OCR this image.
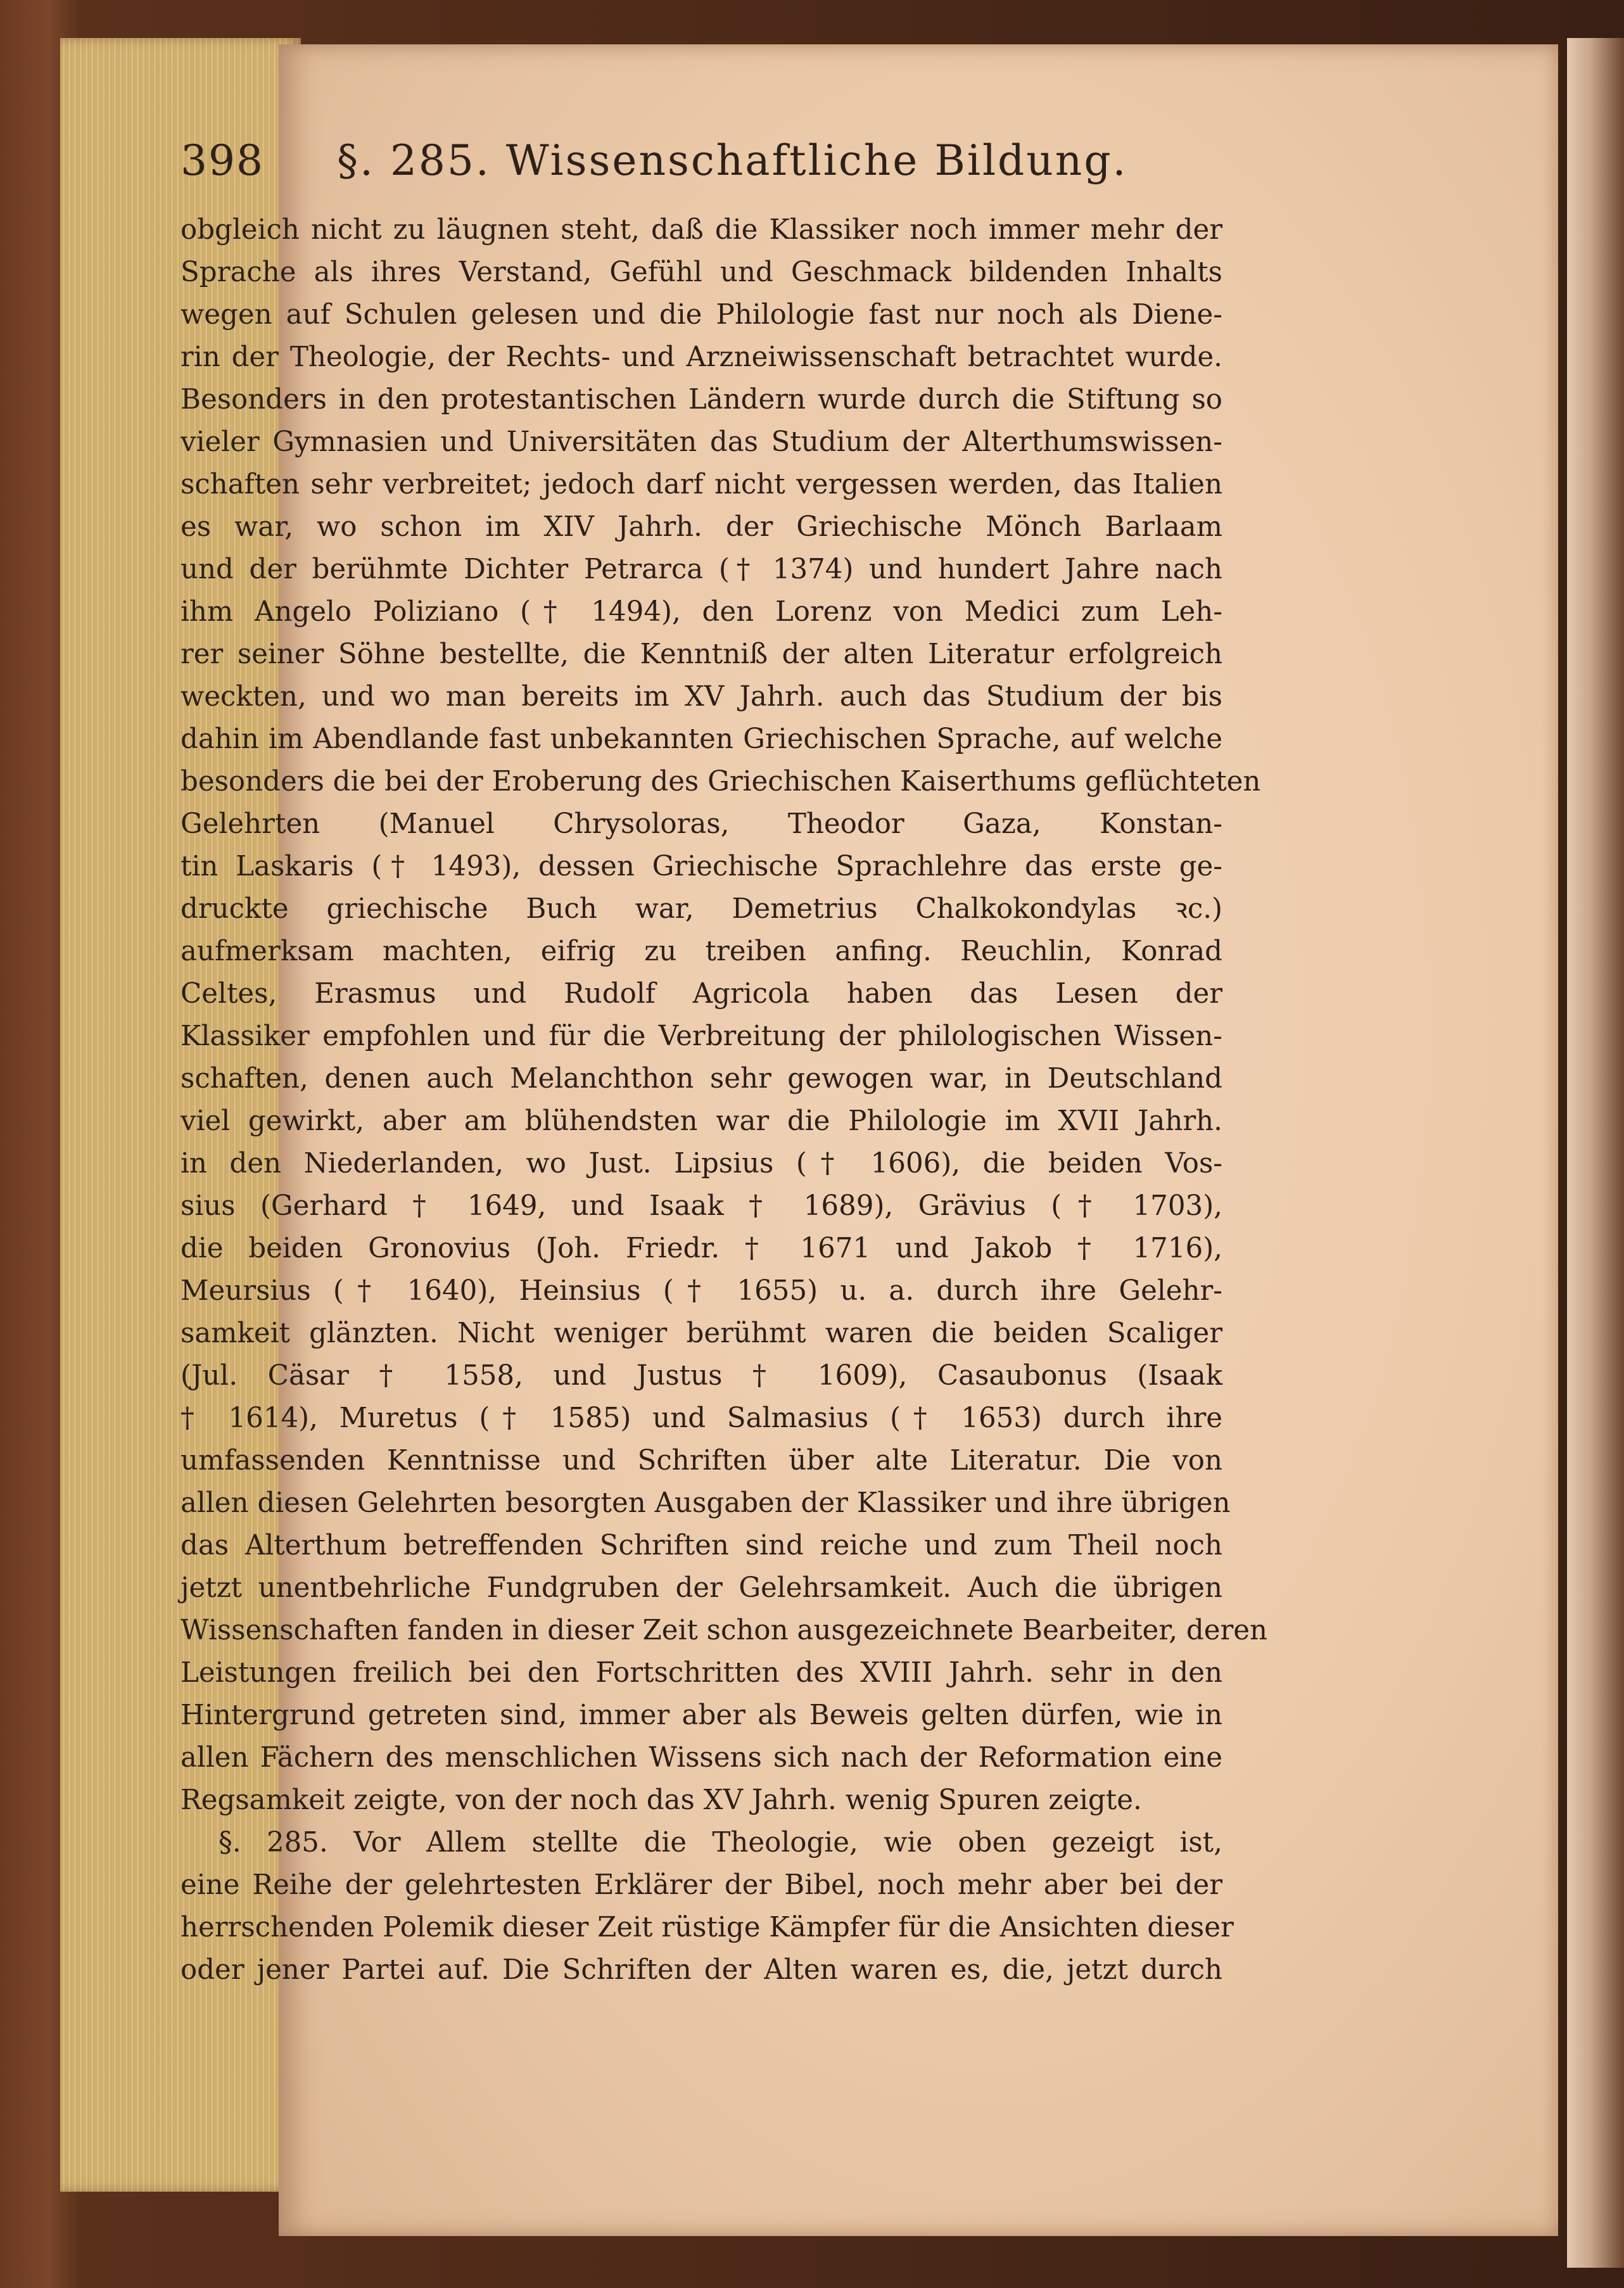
398 §. 285. Wissenschaftliche Bildung.
obgleich nicht zu läugnen steht, daß die Klassiker noch immer mehr der
Sprache als ihres Verstand, Gefühl und Geschmack bildenden Inhalts
wegen auf Schulen gelesen und die Philologie fast nur noch als Diene-
rin der Theologie, der Rechts- und Arzneiwissenschaft betrachtet wurde.
Besonders in den protestantischen Ländern wurde durch die Stiftung so
vieler Gymnasien und Universitäten das Studium der Alterthumswissen-
schaften sehr verbreitet; jedoch darf nicht vergessen werden, das Italien
es war, wo schon im XIV Jahrh. der Griechische Mönch Barlaam
und der berühmte Dichter Petrarca († 1374) und hundert Jahre nach
ihm Angelo Poliziano († 1494), den Lorenz von Medici zum Leh-
rer seiner Söhne bestellte, die Kenntniß der alten Literatur erfolgreich
weckten, und wo man bereits im XV Jahrh. auch das Studium der bis
dahin im Abendlande fast unbekannten Griechischen Sprache, auf welche
besonders die bei der Eroberung des Griechischen Kaiserthums geflüchteten
Gelehrten (Manuel Chrysoloras, Theodor Gaza, Konstan-
tin Laskaris († 1493), dessen Griechische Sprachlehre das erste ge-
druckte griechische Buch war, Demetrius Chalkokondylas ꝛc.)
aufmerksam machten, eifrig zu treiben anfing. Reuchlin, Konrad
Celtes, Erasmus und Rudolf Agricola haben das Lesen der
Klassiker empfohlen und für die Verbreitung der philologischen Wissen-
schaften, denen auch Melanchthon sehr gewogen war, in Deutschland
viel gewirkt, aber am blühendsten war die Philologie im XVII Jahrh.
in den Niederlanden, wo Just. Lipsius († 1606), die beiden Vos-
sius (Gerhard † 1649, und Isaak † 1689), Grävius († 1703),
die beiden Gronovius (Joh. Friedr. † 1671 und Jakob † 1716),
Meursius († 1640), Heinsius († 1655) u. a. durch ihre Gelehr-
samkeit glänzten. Nicht weniger berühmt waren die beiden Scaliger
(Jul. Cäsar † 1558, und Justus † 1609), Casaubonus (Isaak
† 1614), Muretus († 1585) und Salmasius († 1653) durch ihre
umfassenden Kenntnisse und Schriften über alte Literatur. Die von
allen diesen Gelehrten besorgten Ausgaben der Klassiker und ihre übrigen
das Alterthum betreffenden Schriften sind reiche und zum Theil noch
jetzt unentbehrliche Fundgruben der Gelehrsamkeit. Auch die übrigen
Wissenschaften fanden in dieser Zeit schon ausgezeichnete Bearbeiter, deren
Leistungen freilich bei den Fortschritten des XVIII Jahrh. sehr in den
Hintergrund getreten sind, immer aber als Beweis gelten dürfen, wie in
allen Fächern des menschlichen Wissens sich nach der Reformation eine
Regsamkeit zeigte, von der noch das XV Jahrh. wenig Spuren zeigte.
§. 285. Vor Allem stellte die Theologie, wie oben gezeigt ist,
eine Reihe der gelehrtesten Erklärer der Bibel, noch mehr aber bei der
herrschenden Polemik dieser Zeit rüstige Kämpfer für die Ansichten dieser
oder jener Partei auf. Die Schriften der Alten waren es, die, jetzt durch
